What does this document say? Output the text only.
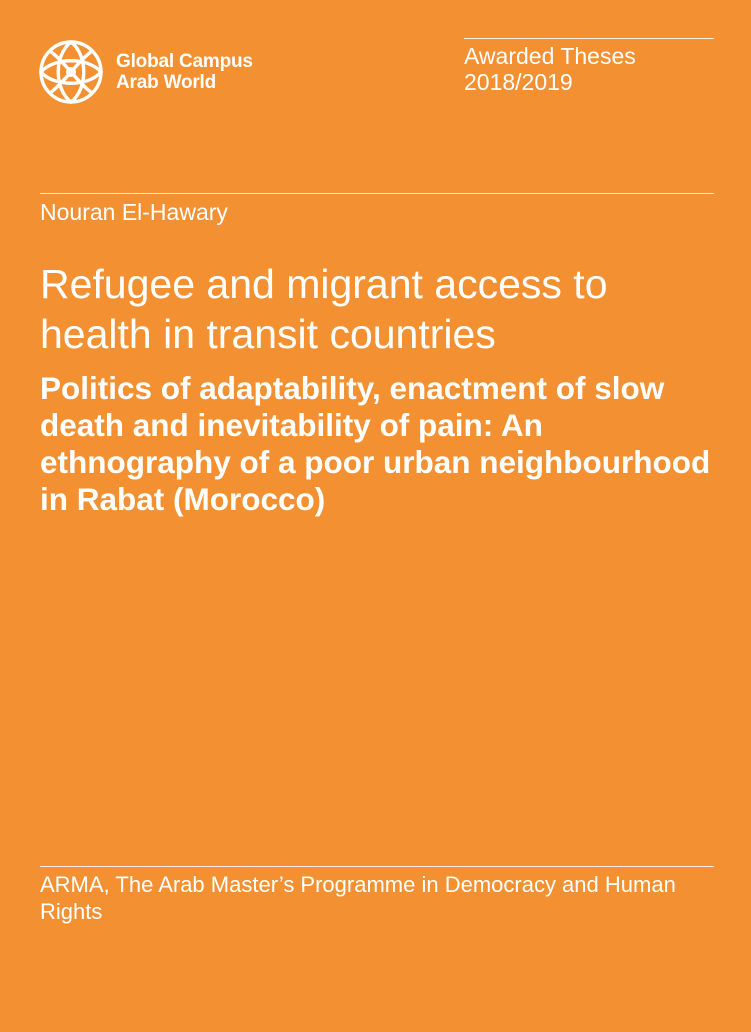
Global Campus
Arab World
Awarded Theses
2018/2019
Nouran El-Hawary
Refugee and migrant access to health in transit countries
Politics of adaptability, enactment of slow death and inevitability of pain: An ethnography of a poor urban neighbourhood in Rabat (Morocco)
ARMA, The Arab Master’s Programme in Democracy and Human Rights
